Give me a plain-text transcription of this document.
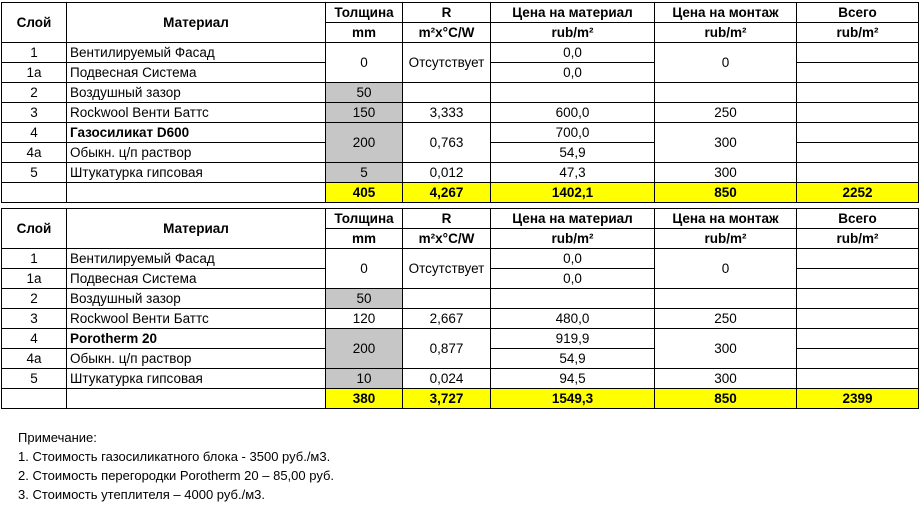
Слой	Материал	Толщина	R	Цена на материал	Цена на монтаж	Всего
		mm	m²x°C/W	rub/m²	rub/m²	rub/m²
1	Вентилируемый Фасад	0	Отсутствует	0,0	0	
1а	Подвесная Система			0,0		
2	Воздушный зазор	50				
3	Rockwool Венти Баттс	150	3,333	600,0	250	
4	Газосиликат D600	200	0,763	700,0	300	
4а	Обыкн. ц/п раствор			54,9		
5	Штукатурка гипсовая	5	0,012	47,3	300	
		405	4,267	1402,1	850	2252
Слой	Материал	Толщина	R	Цена на материал	Цена на монтаж	Всего
		mm	m²x°C/W	rub/m²	rub/m²	rub/m²
1	Вентилируемый Фасад	0	Отсутствует	0,0	0	
1а	Подвесная Система			0,0		
2	Воздушный зазор	50				
3	Rockwool Венти Баттс	120	2,667	480,0	250	
4	Porotherm 20	200	0,877	919,9	300	
4а	Обыкн. ц/п раствор			54,9		
5	Штукатурка гипсовая	10	0,024	94,5	300	
		380	3,727	1549,3	850	2399
Примечание:
1. Стоимость газосиликатного блока - 3500 руб./м3.
2. Стоимость перегородки Porotherm 20 – 85,00 руб.
3. Стоимость утеплителя – 4000 руб./м3.
